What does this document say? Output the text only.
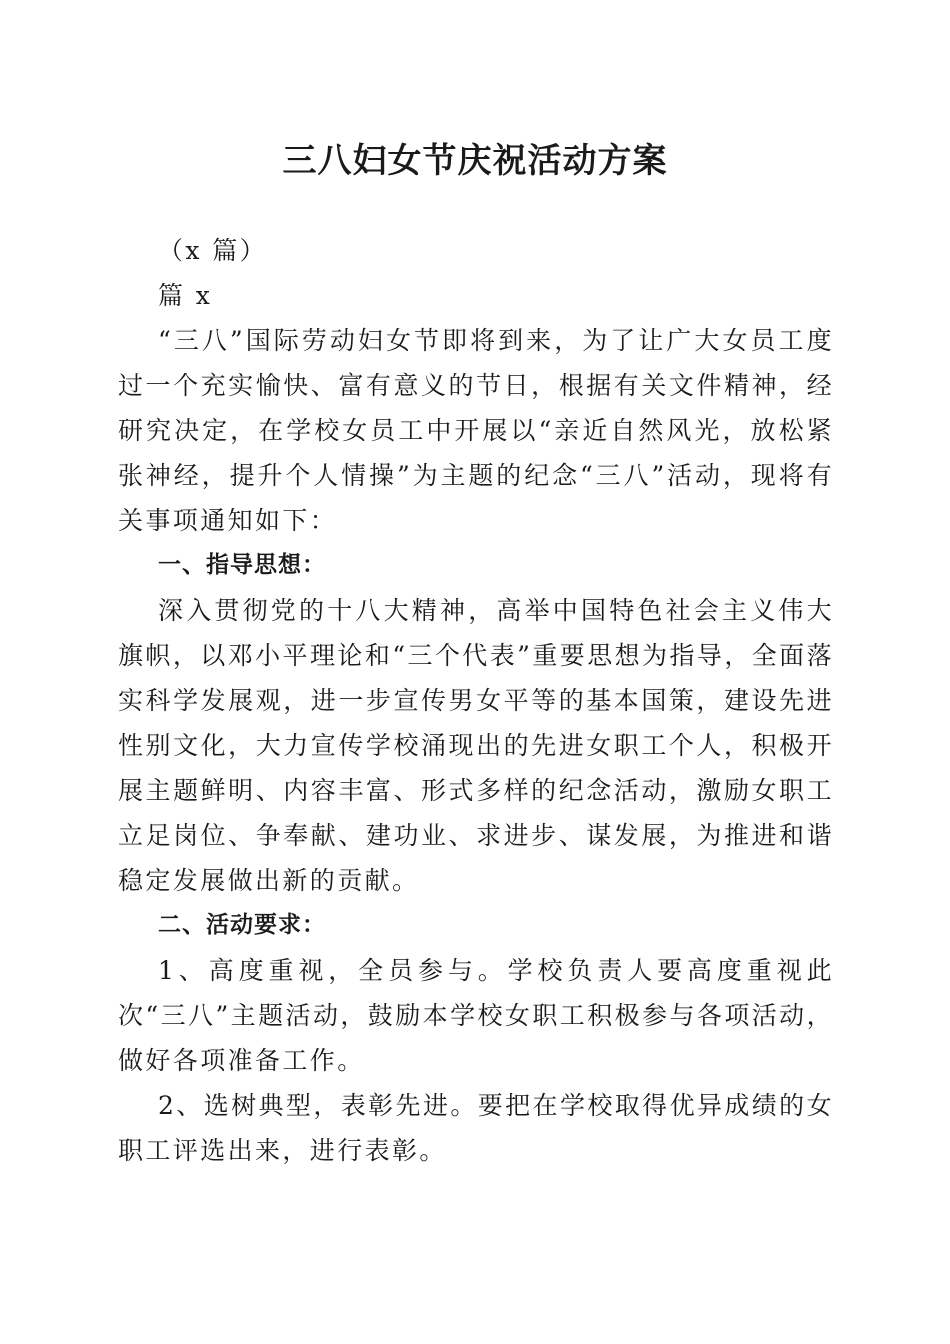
三八妇女节庆祝活动方案

（x 篇）

篇 x

“三八”国际劳动妇女节即将到来，为了让广大女员工度过一个充实愉快、富有意义的节日，根据有关文件精神，经研究决定，在学校女员工中开展以“亲近自然风光，放松紧张神经，提升个人情操”为主题的纪念“三八”活动，现将有关事项通知如下：

一、指导思想：

深入贯彻党的十八大精神，高举中国特色社会主义伟大旗帜，以邓小平理论和“三个代表”重要思想为指导，全面落实科学发展观，进一步宣传男女平等的基本国策，建设先进性别文化，大力宣传学校涌现出的先进女职工个人，积极开展主题鲜明、内容丰富、形式多样的纪念活动，激励女职工立足岗位、争奉献、建功业、求进步、谋发展，为推进和谐稳定发展做出新的贡献。

二、活动要求：

1、高度重视，全员参与。学校负责人要高度重视此次“三八”主题活动，鼓励本学校女职工积极参与各项活动，做好各项准备工作。

2、选树典型，表彰先进。要把在学校取得优异成绩的女职工评选出来，进行表彰。
